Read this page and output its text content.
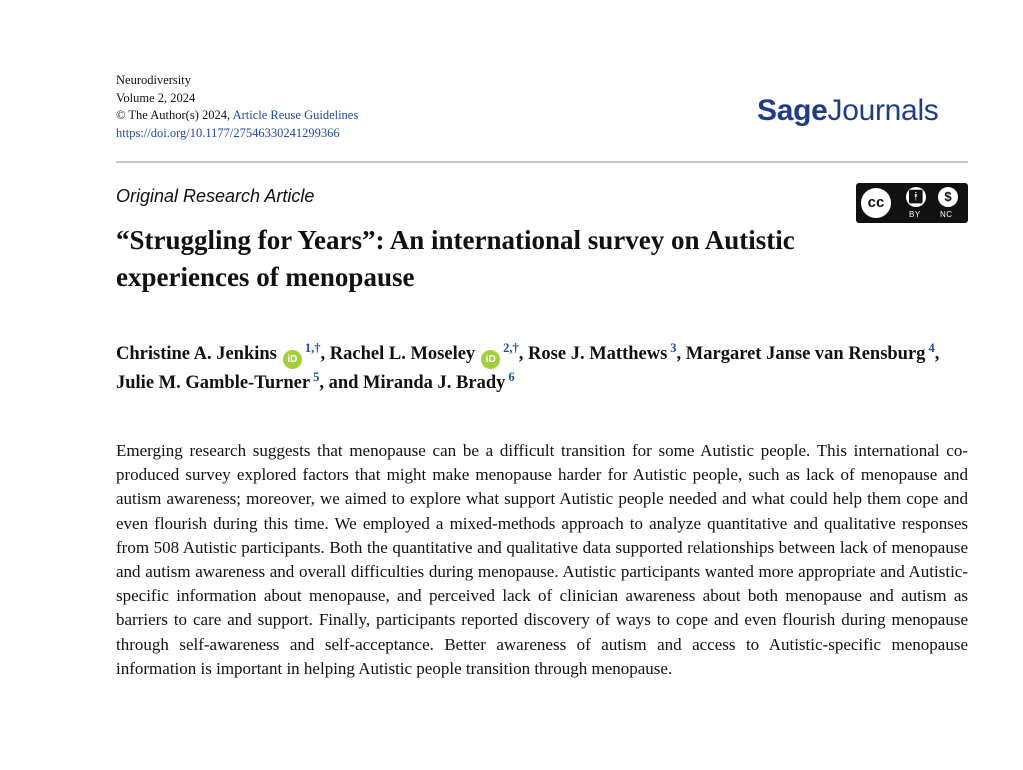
Neurodiversity
Volume 2, 2024
© The Author(s) 2024, Article Reuse Guidelines
https://doi.org/10.1177/27546330241299366
SageJournals
Original Research Article	cc	🚹︎	$
BY NC
“Struggling for Years”: An international survey on Autistic experiences of menopause
Christine A. Jenkins $iD^{1,\dagger}$, Rachel L. Moseley $iD^{2,\dagger}$, Rose J. Matthews $^3$, Margaret Janse van Rensburg $^4$, Julie M. Gamble-Turner $^5$, and Miranda J. Brady $^6$
Emerging research suggests that menopause can be a difficult transition for some Autistic people. This international co-produced survey explored factors that might make menopause harder for Autistic people, such as lack of menopause and autism awareness; moreover, we aimed to explore what support Autistic people needed and what could help them cope and even flourish during this time. We employed a mixed-methods approach to analyze quantitative and qualitative responses from 508 Autistic participants. Both the quantitative and qualitative data supported relationships between lack of menopause and autism awareness and overall difficulties during menopause. Autistic participants wanted more appropriate and Autistic-specific information about menopause, and perceived lack of clinician awareness about both menopause and autism as barriers to care and support. Finally, participants reported discovery of ways to cope and even flourish during menopause through self-awareness and self-acceptance. Better awareness of autism and access to Autistic-specific menopause information is important in helping Autistic people transition through menopause.
